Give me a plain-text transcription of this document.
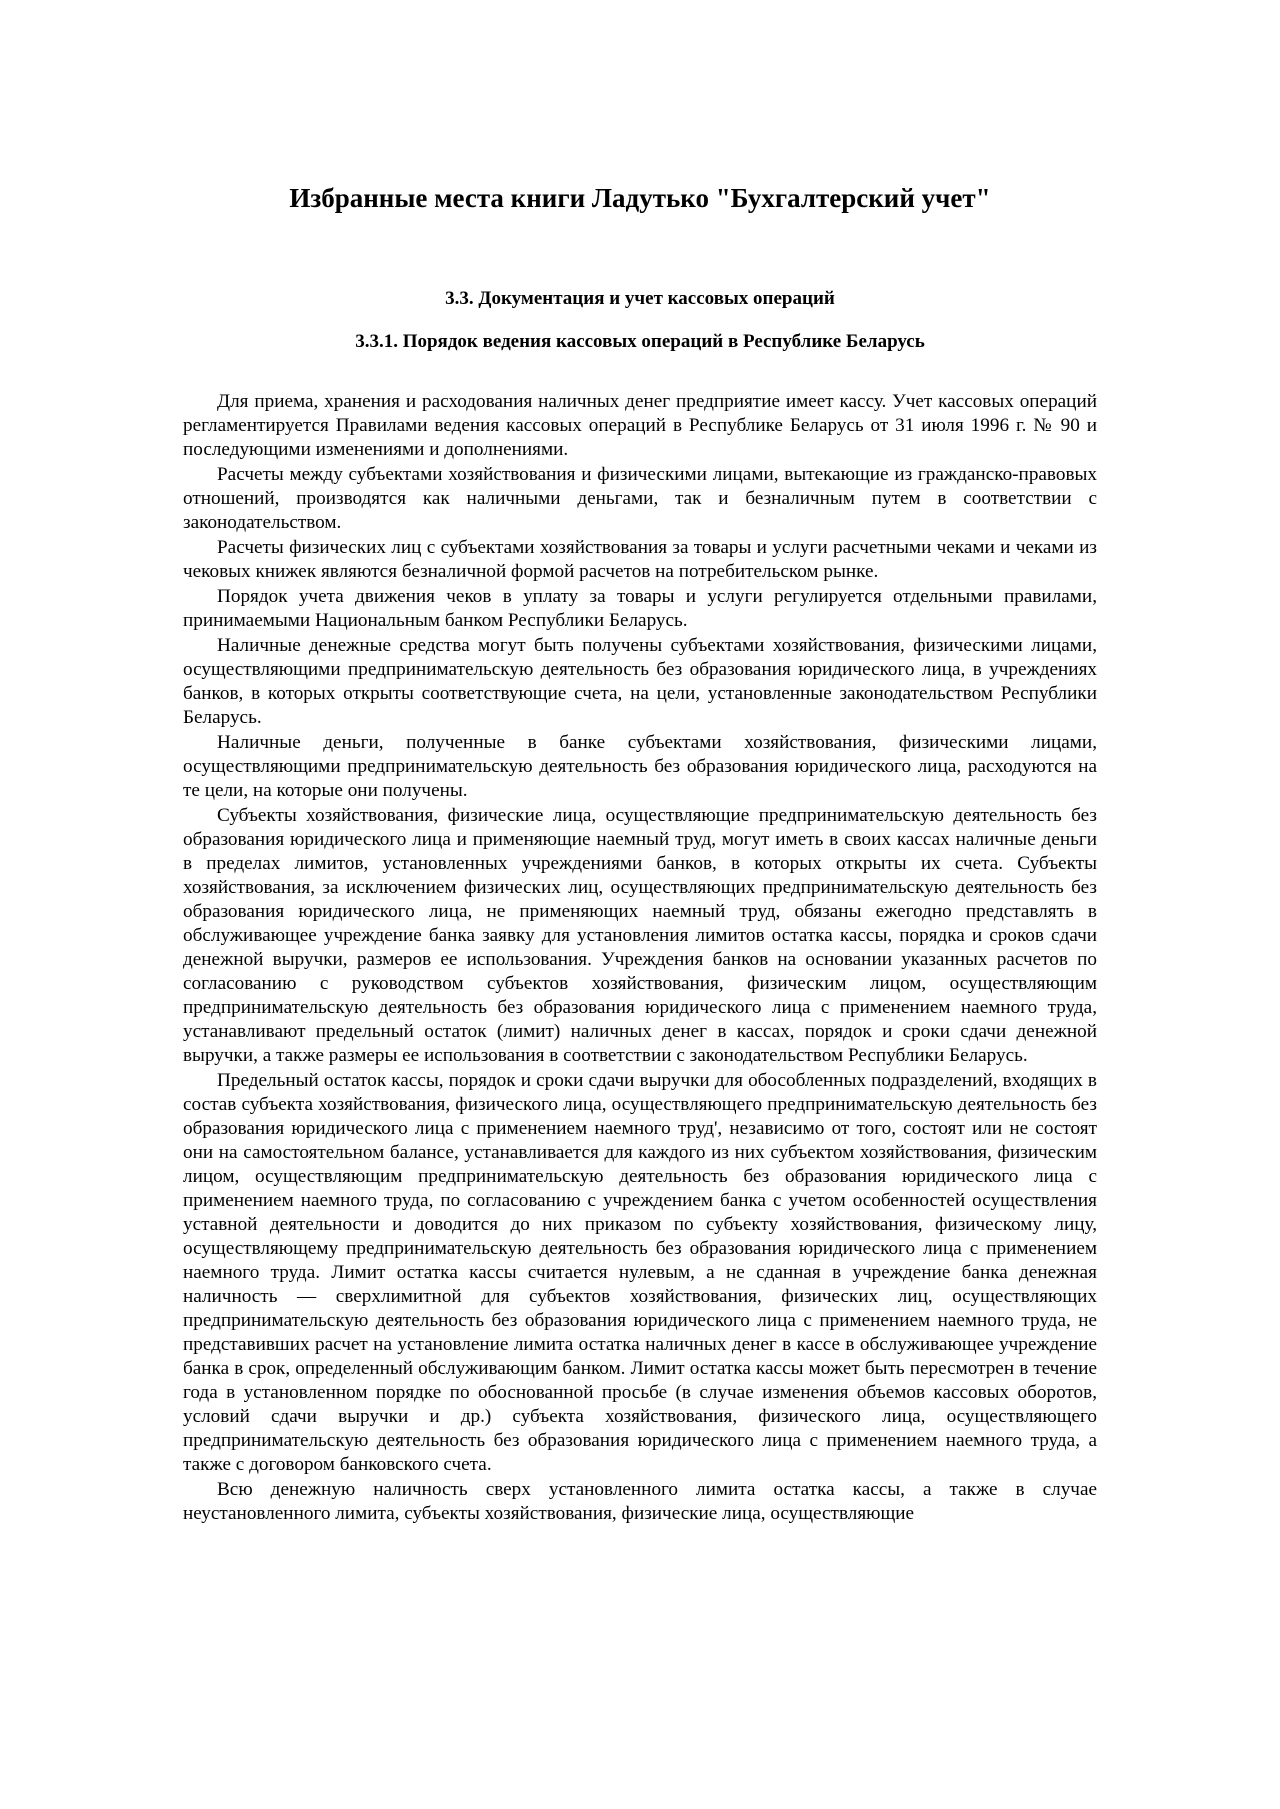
Избранные места книги Ладутько "Бухгалтерский учет"
3.3. Документация и учет кассовых операций
3.3.1. Порядок ведения кассовых операций в Республике Беларусь

Для приема, хранения и расходования наличных денег предприятие имеет кассу. Учет кассовых операций регламентируется Правилами ведения кассовых операций в Республике Беларусь от 31 июля 1996 г. № 90 и последующими изменениями и дополнениями.

Расчеты между субъектами хозяйствования и физическими лицами, вытекающие из гражданско-правовых отношений, производятся как наличными деньгами, так и безналичным путем в соответствии с законодательством.

Расчеты физических лиц с субъектами хозяйствования за товары и услуги расчетными чеками и чеками из чековых книжек являются безналичной формой расчетов на потребительском рынке.

Порядок учета движения чеков в уплату за товары и услуги регулируется отдельными правилами, принимаемыми Национальным банком Республики Беларусь.

Наличные денежные средства могут быть получены субъектами хозяйствования, физическими лицами, осуществляющими предпринимательскую деятельность без образования юридического лица, в учреждениях банков, в которых открыты соответствующие счета, на цели, установленные законодательством Республики Беларусь.

Наличные деньги, полученные в банке субъектами хозяйствования, физическими лицами, осуществляющими предпринимательскую деятельность без образования юридического лица, расходуются на те цели, на которые они получены.

Субъекты хозяйствования, физические лица, осуществляющие предпринимательскую деятельность без образования юридического лица и применяющие наемный труд, могут иметь в своих кассах наличные деньги в пределах лимитов, установленных учреждениями банков, в которых открыты их счета. Субъекты хозяйствования, за исключением физических лиц, осуществляющих предпринимательскую деятельность без образования юридического лица, не применяющих наемный труд, обязаны ежегодно представлять в обслуживающее учреждение банка заявку для установления лимитов остатка кассы, порядка и сроков сдачи денежной выручки, размеров ее использования. Учреждения банков на основании указанных расчетов по согласованию с руководством субъектов хозяйствования, физическим лицом, осуществляющим предпринимательскую деятельность без образования юридического лица с применением наемного труда, устанавливают предельный остаток (лимит) наличных денег в кассах, порядок и сроки сдачи денежной выручки, а также размеры ее использования в соответствии с законодательством Республики Беларусь.

Предельный остаток кассы, порядок и сроки сдачи выручки для обособленных подразделений, входящих в состав субъекта хозяйствования, физического лица, осуществляющего предпринимательскую деятельность без образования юридического лица с применением наемного труд', независимо от того, состоят или не состоят они на самостоятельном балансе, устанавливается для каждого из них субъектом хозяйствования, физическим лицом, осуществляющим предпринимательскую деятельность без образования юридического лица с применением наемного труда, по согласованию с учреждением банка с учетом особенностей осуществления уставной деятельности и доводится до них приказом по субъекту хозяйствования, физическому лицу, осуществляющему предпринимательскую деятельность без образования юридического лица с применением наемного труда. Лимит остатка кассы считается нулевым, а не сданная в учреждение банка денежная наличность — сверхлимитной для субъектов хозяйствования, физических лиц, осуществляющих предпринимательскую деятельность без образования юридического лица с применением наемного труда, не представивших расчет на установление лимита остатка наличных денег в кассе в обслуживающее учреждение банка в срок, определенный обслуживающим банком. Лимит остатка кассы может быть пересмотрен в течение года в установленном порядке по обоснованной просьбе (в случае изменения объемов кассовых оборотов, условий сдачи выручки и др.) субъекта хозяйствования, физического лица, осуществляющего предпринимательскую деятельность без образования юридического лица с применением наемного труда, а также с договором банковского счета.

Всю денежную наличность сверх установленного лимита остатка кассы, а также в случае неустановленного лимита, субъекты хозяйствования, физические лица, осуществляющие
